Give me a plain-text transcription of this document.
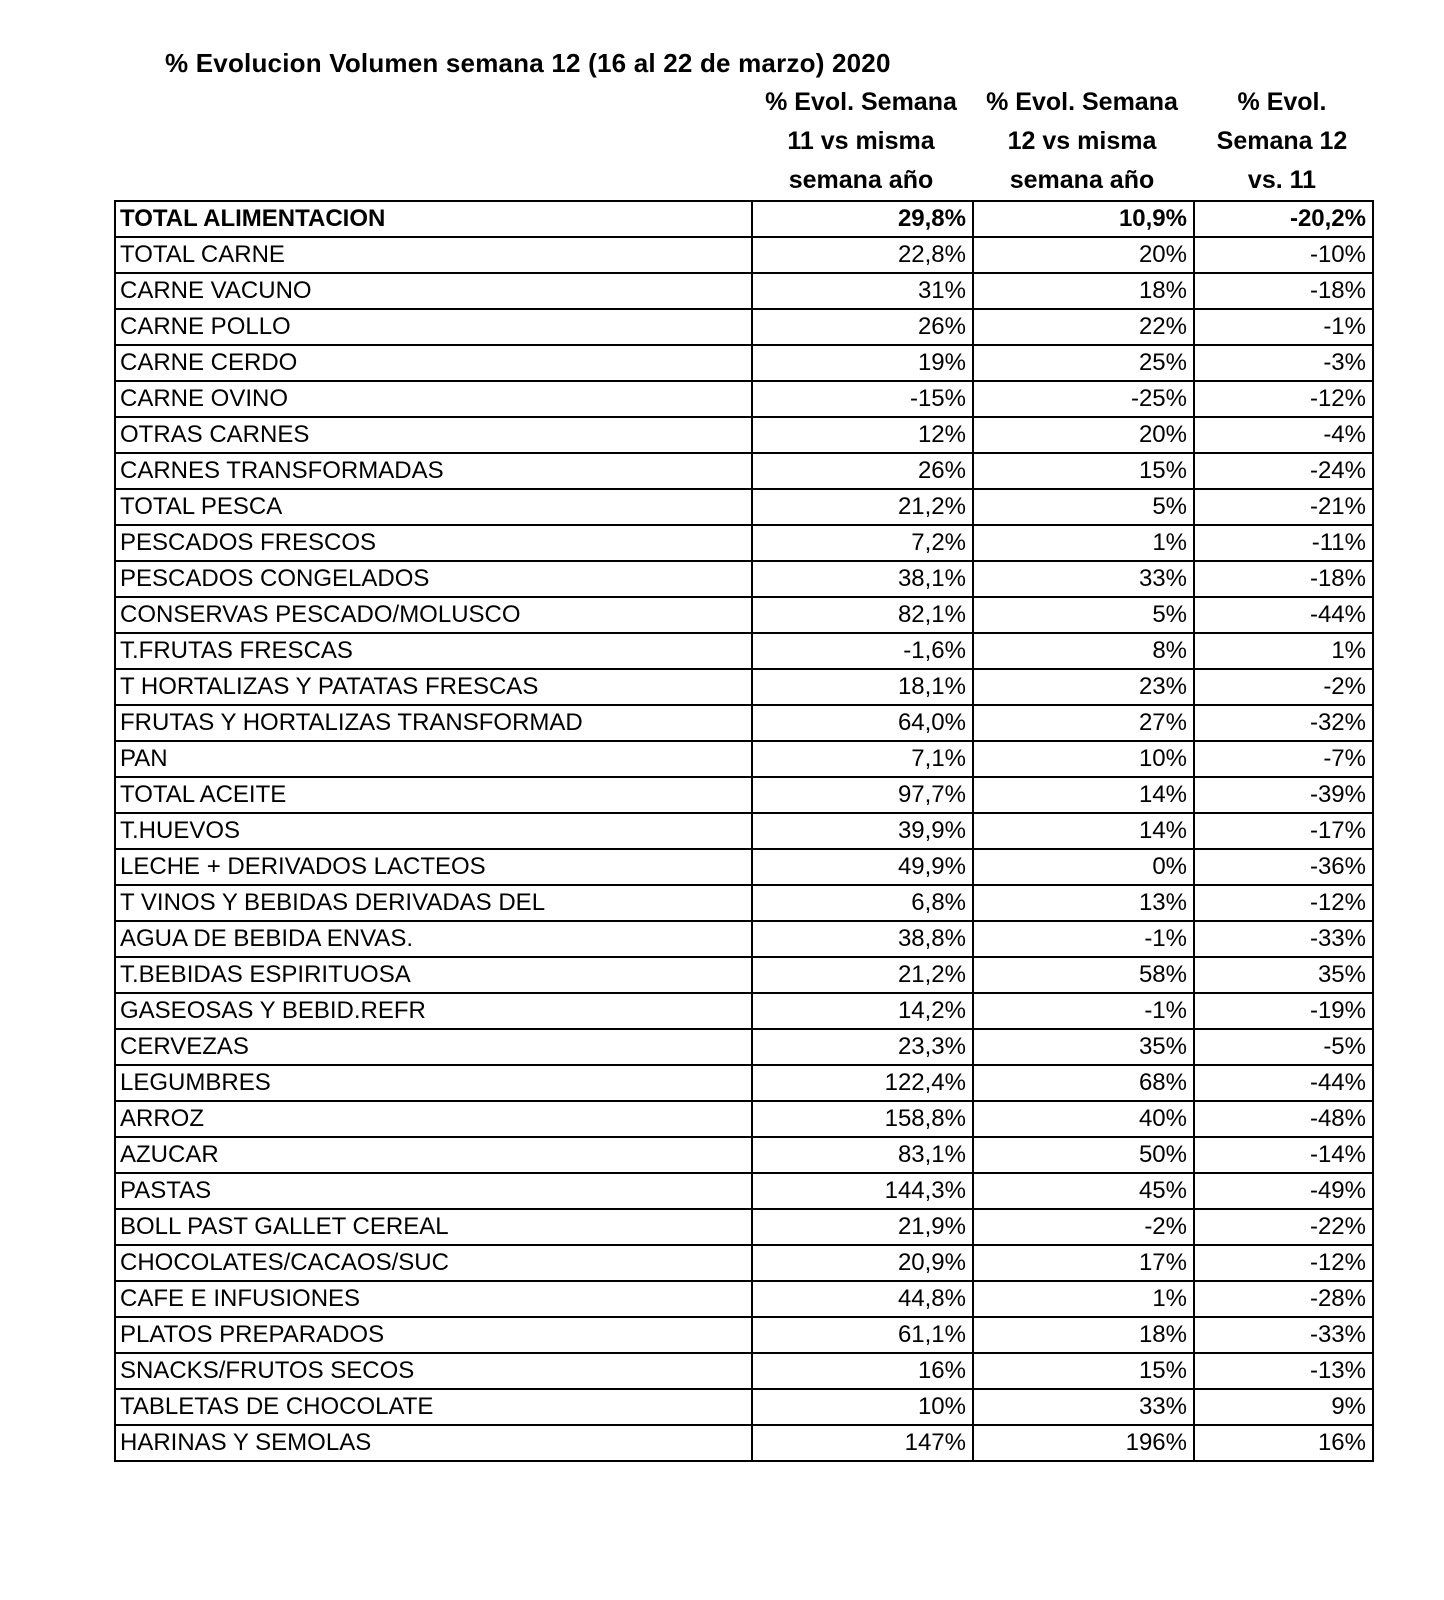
% Evolucion Volumen semana 12 (16 al 22 de marzo) 2020
% Evol. Semana
11 vs misma
semana año
% Evol. Semana
12 vs misma
semana año
% Evol.
Semana 12
vs. 11
TOTAL ALIMENTACION	29,8%	10,9%	-20,2%
TOTAL CARNE	22,8%	20%	-10%
CARNE VACUNO	31%	18%	-18%
CARNE POLLO	26%	22%	-1%
CARNE CERDO	19%	25%	-3%
CARNE OVINO	-15%	-25%	-12%
OTRAS CARNES	12%	20%	-4%
CARNES TRANSFORMADAS	26%	15%	-24%
TOTAL PESCA	21,2%	5%	-21%
PESCADOS FRESCOS	7,2%	1%	-11%
PESCADOS CONGELADOS	38,1%	33%	-18%
CONSERVAS PESCADO/MOLUSCO	82,1%	5%	-44%
T.FRUTAS FRESCAS	-1,6%	8%	1%
T HORTALIZAS Y PATATAS FRESCAS	18,1%	23%	-2%
FRUTAS Y HORTALIZAS TRANSFORMAD	64,0%	27%	-32%
PAN	7,1%	10%	-7%
TOTAL ACEITE	97,7%	14%	-39%
T.HUEVOS	39,9%	14%	-17%
LECHE + DERIVADOS LACTEOS	49,9%	0%	-36%
T VINOS Y BEBIDAS DERIVADAS DEL	6,8%	13%	-12%
AGUA DE BEBIDA ENVAS.	38,8%	-1%	-33%
T.BEBIDAS ESPIRITUOSA	21,2%	58%	35%
GASEOSAS Y BEBID.REFR	14,2%	-1%	-19%
CERVEZAS	23,3%	35%	-5%
LEGUMBRES	122,4%	68%	-44%
ARROZ	158,8%	40%	-48%
AZUCAR	83,1%	50%	-14%
PASTAS	144,3%	45%	-49%
BOLL PAST GALLET CEREAL	21,9%	-2%	-22%
CHOCOLATES/CACAOS/SUC	20,9%	17%	-12%
CAFE E INFUSIONES	44,8%	1%	-28%
PLATOS PREPARADOS	61,1%	18%	-33%
SNACKS/FRUTOS SECOS	16%	15%	-13%
TABLETAS DE CHOCOLATE	10%	33%	9%
HARINAS Y SEMOLAS	147%	196%	16%
